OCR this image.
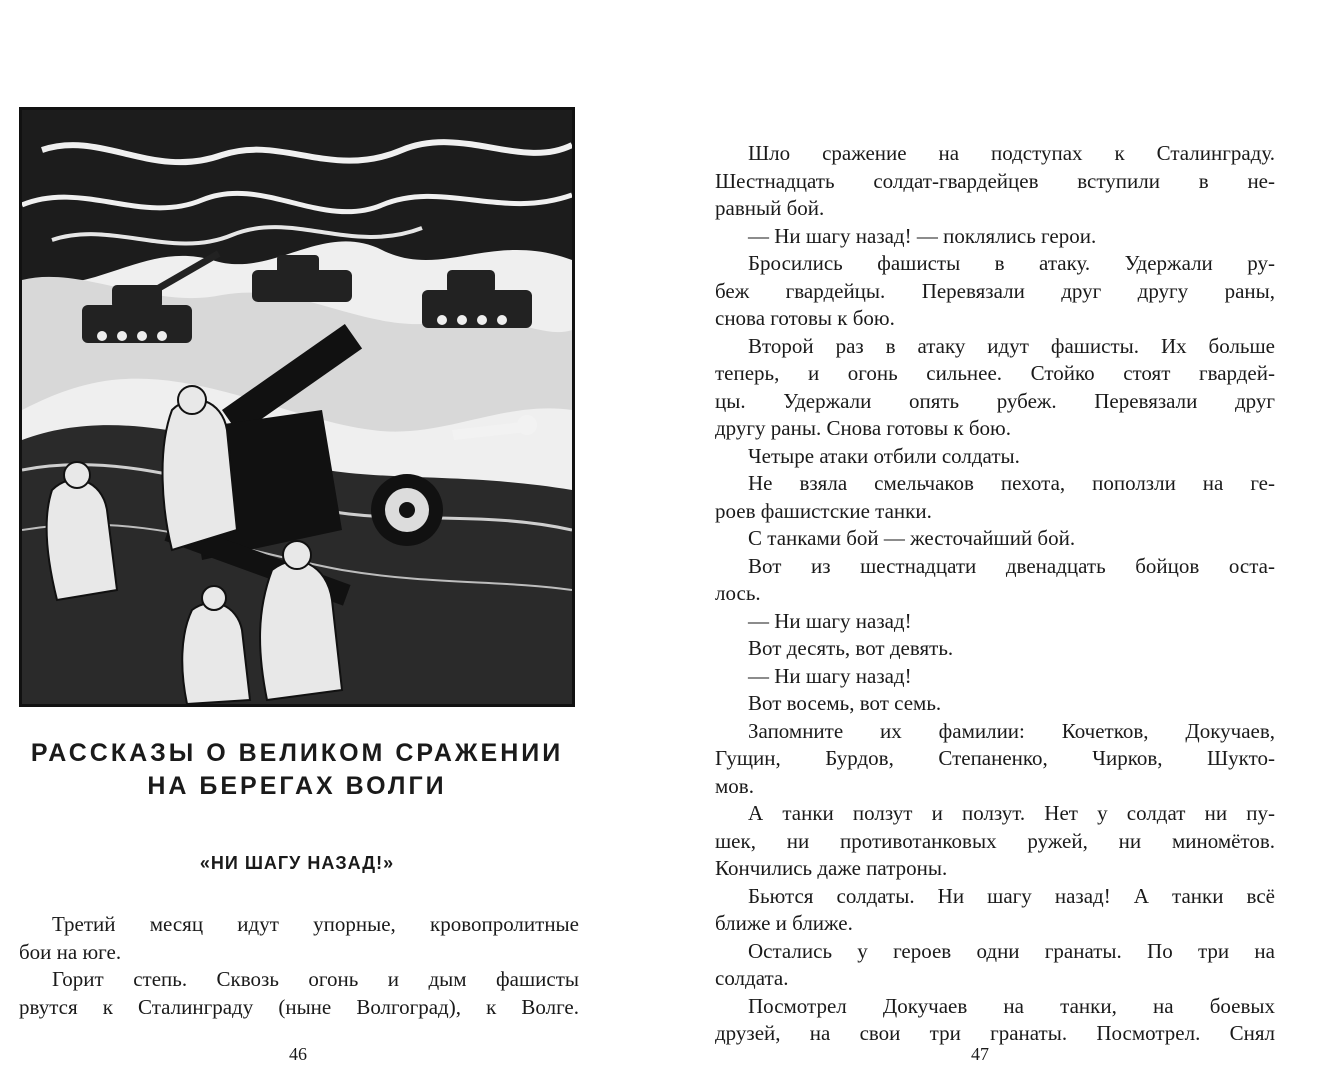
РАССКАЗЫ О ВЕЛИКОМ СРАЖЕНИИ
НА БЕРЕГАХ ВОЛГИ
«НИ ШАГУ НАЗАД!»
Третий месяц идут упорные, кровопролитные
бои на юге.
Горит степь. Сквозь огонь и дым фашисты
рвутся к Сталинграду (ныне Волгоград), к Волге.
46
Шло сражение на подступах к Сталинграду.
Шестнадцать солдат-гвардейцев вступили в не-
равный бой.
— Ни шагу назад! — поклялись герои.
Бросились фашисты в атаку. Удержали ру-
беж гвардейцы. Перевязали друг другу раны,
снова готовы к бою.
Второй раз в атаку идут фашисты. Их больше
теперь, и огонь сильнее. Стойко стоят гвардей-
цы. Удержали опять рубеж. Перевязали друг
другу раны. Снова готовы к бою.
Четыре атаки отбили солдаты.
Не взяла смельчаков пехота, поползли на ге-
роев фашистские танки.
С танками бой — жесточайший бой.
Вот из шестнадцати двенадцать бойцов оста-
лось.
— Ни шагу назад!
Вот десять, вот девять.
— Ни шагу назад!
Вот восемь, вот семь.
Запомните их фамилии: Кочетков, Докучаев,
Гущин, Бурдов, Степаненко, Чирков, Шукто-
мов.
А танки ползут и ползут. Нет у солдат ни пу-
шек, ни противотанковых ружей, ни миномётов.
Кончились даже патроны.
Бьются солдаты. Ни шагу назад! А танки всё
ближе и ближе.
Остались у героев одни гранаты. По три на
солдата.
Посмотрел Докучаев на танки, на боевых
друзей, на свои три гранаты. Посмотрел. Снял
47
